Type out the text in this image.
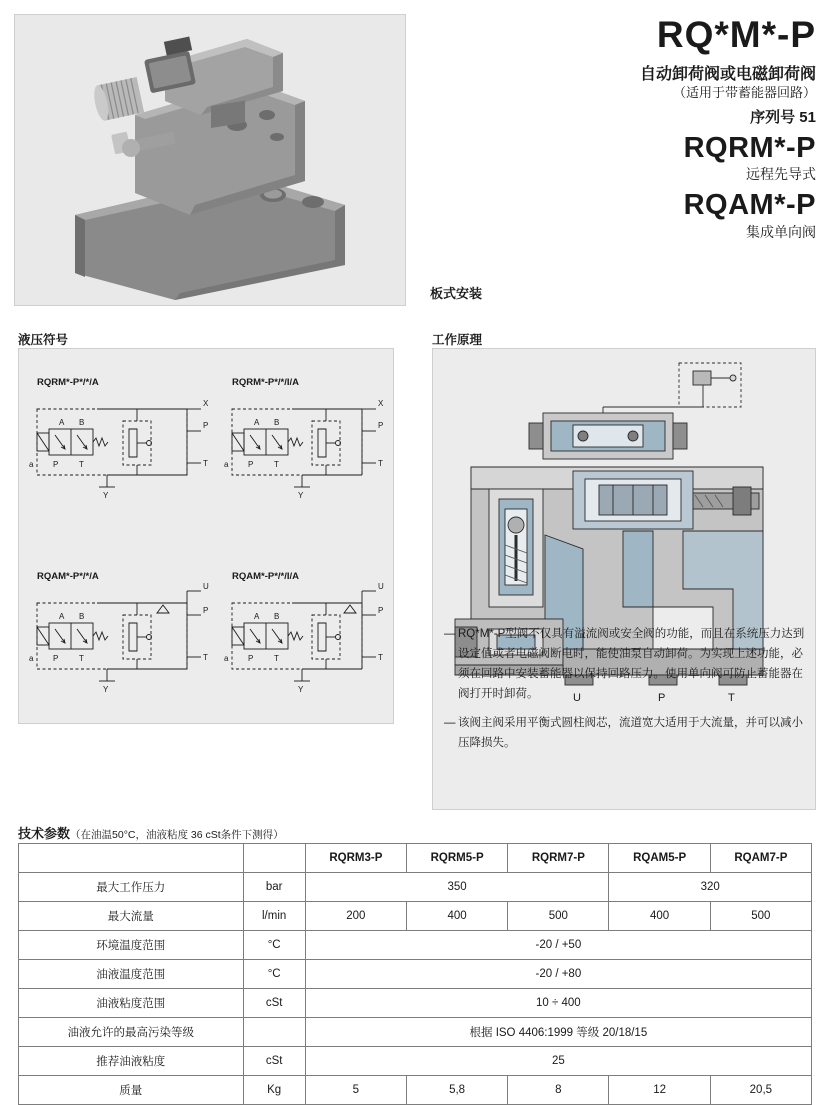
RQ*M*-P
自动卸荷阀或电磁卸荷阀
（适用于带蓄能器回路）
序列号 51
RQRM*-P
远程先导式
RQAM*-P
集成单向阀
板式安装
液压符号	工作原理
A B
P	T
a
X
P
T
Y
RQRM*-P*/*/A
A B
P	T
a
X
P
T
Y
RQRM*-P*/*/I/A
A B
P	T
a
U
P
T
Y
RQAM*-P*/*/A
A B
P	T
a
U
P
T
Y
RQAM*-P*/*/I/A
U	P	T

— RQ*M*-P型阀不仅具有溢流阀或安全阀的功能，而且在系统压力达到设定值或者电磁阀断电时，能使油泵自动卸荷。为实现上述功能，必须在回路中安装蓄能器以保持回路压力。使用单向阀可防止蓄能器在阀打开时卸荷。

— 该阀主阀采用平衡式圆柱阀芯，流道宽大适用于大流量，并可以减小压降损失。

技术参数（在油温50°C，油液粘度 36 cSt条件下测得）
		RQRM3-P	RQRM5-P	RQRM7-P	RQAM5-P	RQAM7-P
最大工作压力	bar	350			320	
最大流量	l/min	200	400	500	400	500
环境温度范围	°C	-20 / +50				
油液温度范围	°C	-20 / +80				
油液粘度范围	cSt	10 ÷ 400				
油液允许的最高污染等级		根据 ISO 4406:1999 等级 20/18/15				
推荐油液粘度	cSt	25				
质量	Kg	5	5,8	8	12	20,5
